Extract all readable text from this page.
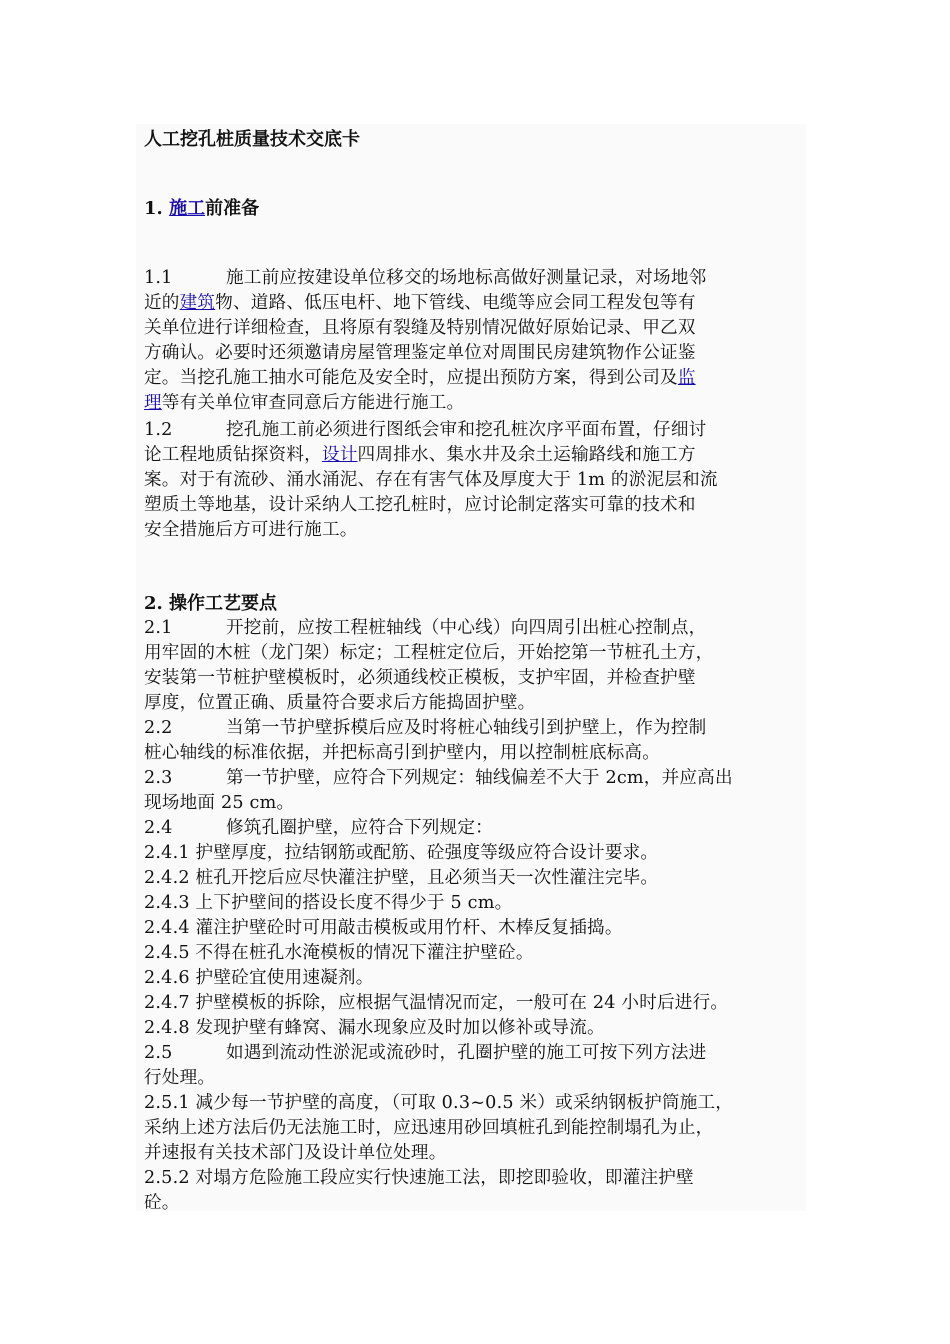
人工挖孔桩质量技术交底卡
1. 施工前准备
1.1	施工前应按建设单位移交的场地标高做好测量记录，对场地邻
近的建筑物、道路、低压电杆、地下管线、电缆等应会同工程发包等有
关单位进行详细检查，且将原有裂缝及特别情况做好原始记录、甲乙双
方确认。必要时还须邀请房屋管理鉴定单位对周围民房建筑物作公证鉴
定。当挖孔施工抽水可能危及安全时，应提出预防方案，得到公司及监
理等有关单位审查同意后方能进行施工。
1.2	挖孔施工前必须进行图纸会审和挖孔桩次序平面布置，仔细讨
论工程地质钻探资料，设计四周排水、集水井及余土运输路线和施工方
案。对于有流砂、涌水涌泥、存在有害气体及厚度大于 1m 的淤泥层和流
塑质土等地基，设计采纳人工挖孔桩时，应讨论制定落实可靠的技术和
安全措施后方可进行施工。
2. 操作工艺要点
2.1	开挖前，应按工程桩轴线（中心线）向四周引出桩心控制点，
用牢固的木桩（龙门架）标定；工程桩定位后，开始挖第一节桩孔土方，
安装第一节桩护壁模板时，必须通线校正模板，支护牢固，并检查护壁
厚度，位置正确、质量符合要求后方能捣固护壁。
2.2	当第一节护壁拆模后应及时将桩心轴线引到护壁上，作为控制
桩心轴线的标准依据，并把标高引到护壁内，用以控制桩底标高。
2.3	第一节护壁，应符合下列规定：轴线偏差不大于 2cm，并应高出
现场地面 25 cm。
2.4	修筑孔圈护壁，应符合下列规定：
2.4.1 护壁厚度，拉结钢筋或配筋、砼强度等级应符合设计要求。
2.4.2 桩孔开挖后应尽快灌注护壁，且必须当天一次性灌注完毕。
2.4.3 上下护壁间的搭设长度不得少于 5 cm。
2.4.4 灌注护壁砼时可用敲击模板或用竹杆、木棒反复插捣。
2.4.5 不得在桩孔水淹模板的情况下灌注护壁砼。
2.4.6 护壁砼宜使用速凝剂。
2.4.7 护壁模板的拆除，应根据气温情况而定，一般可在 24 小时后进行。
2.4.8 发现护壁有蜂窝、漏水现象应及时加以修补或导流。
2.5	如遇到流动性淤泥或流砂时，孔圈护壁的施工可按下列方法进
行处理。
2.5.1 减少每一节护壁的高度，（可取 0.3~0.5 米）或采纳钢板护筒施工，
采纳上述方法后仍无法施工时，应迅速用砂回填桩孔到能控制塌孔为止，
并速报有关技术部门及设计单位处理。
2.5.2 对塌方危险施工段应实行快速施工法，即挖即验收，即灌注护壁
砼。
